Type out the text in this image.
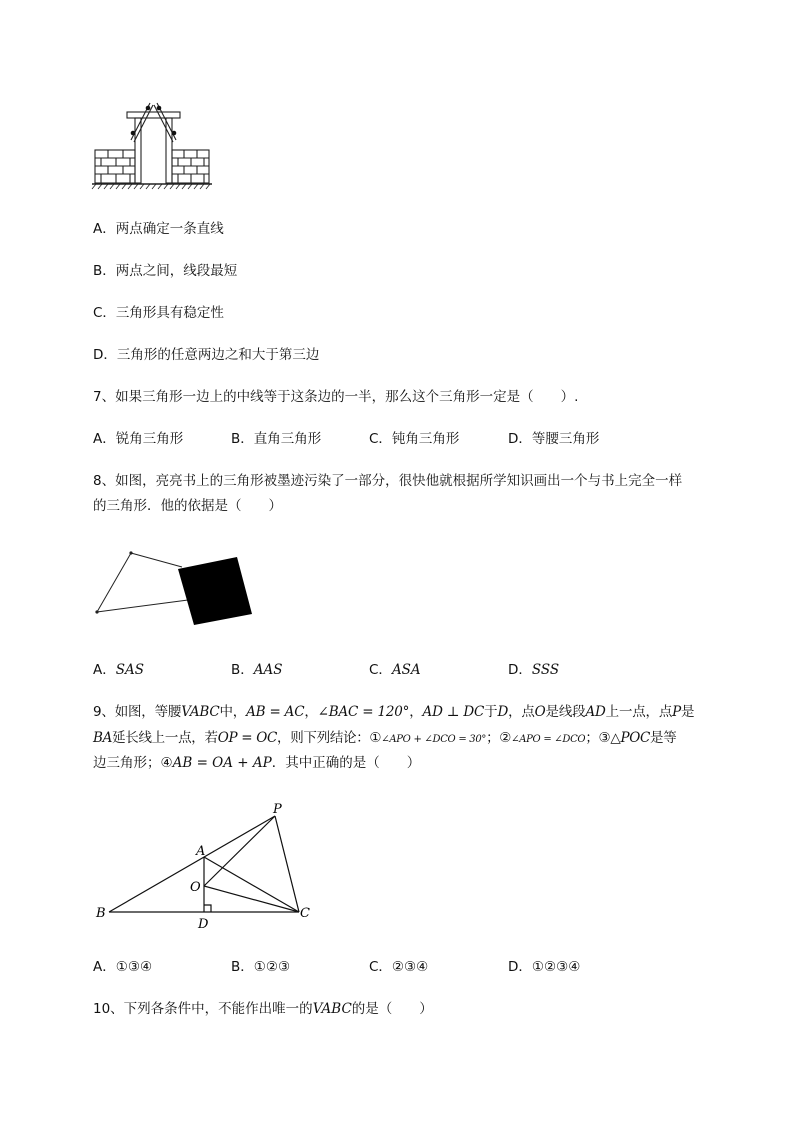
A．两点确定一条直线
B．两点之间，线段最短
C．三角形具有稳定性
D．三角形的任意两边之和大于第三边
7、如果三角形一边上的中线等于这条边的一半，那么这个三角形一定是（　　）.
A．锐角三角形	B．直角三角形	C．钝角三角形	D．等腰三角形
8、如图，亮亮书上的三角形被墨迹污染了一部分，很快他就根据所学知识画出一个与书上完全一样
的三角形．他的依据是（　　）
A．SAS	B．AAS	C．ASA	D．SSS
9、如图，等腰VABC中，AB = AC，∠BAC = 120°，AD ⊥ DC于D，点O是线段AD上一点，点P是
BA延长线上一点，若OP = OC，则下列结论：①∠APO + ∠DCO = 30°；②∠APO = ∠DCO；③△POC是等
边三角形；④AB = OA + AP．其中正确的是（　　）
P
A
O
B
D
C
A．①③④	B．①②③	C．②③④	D．①②③④
10、下列各条件中，不能作出唯一的VABC的是（　　）
